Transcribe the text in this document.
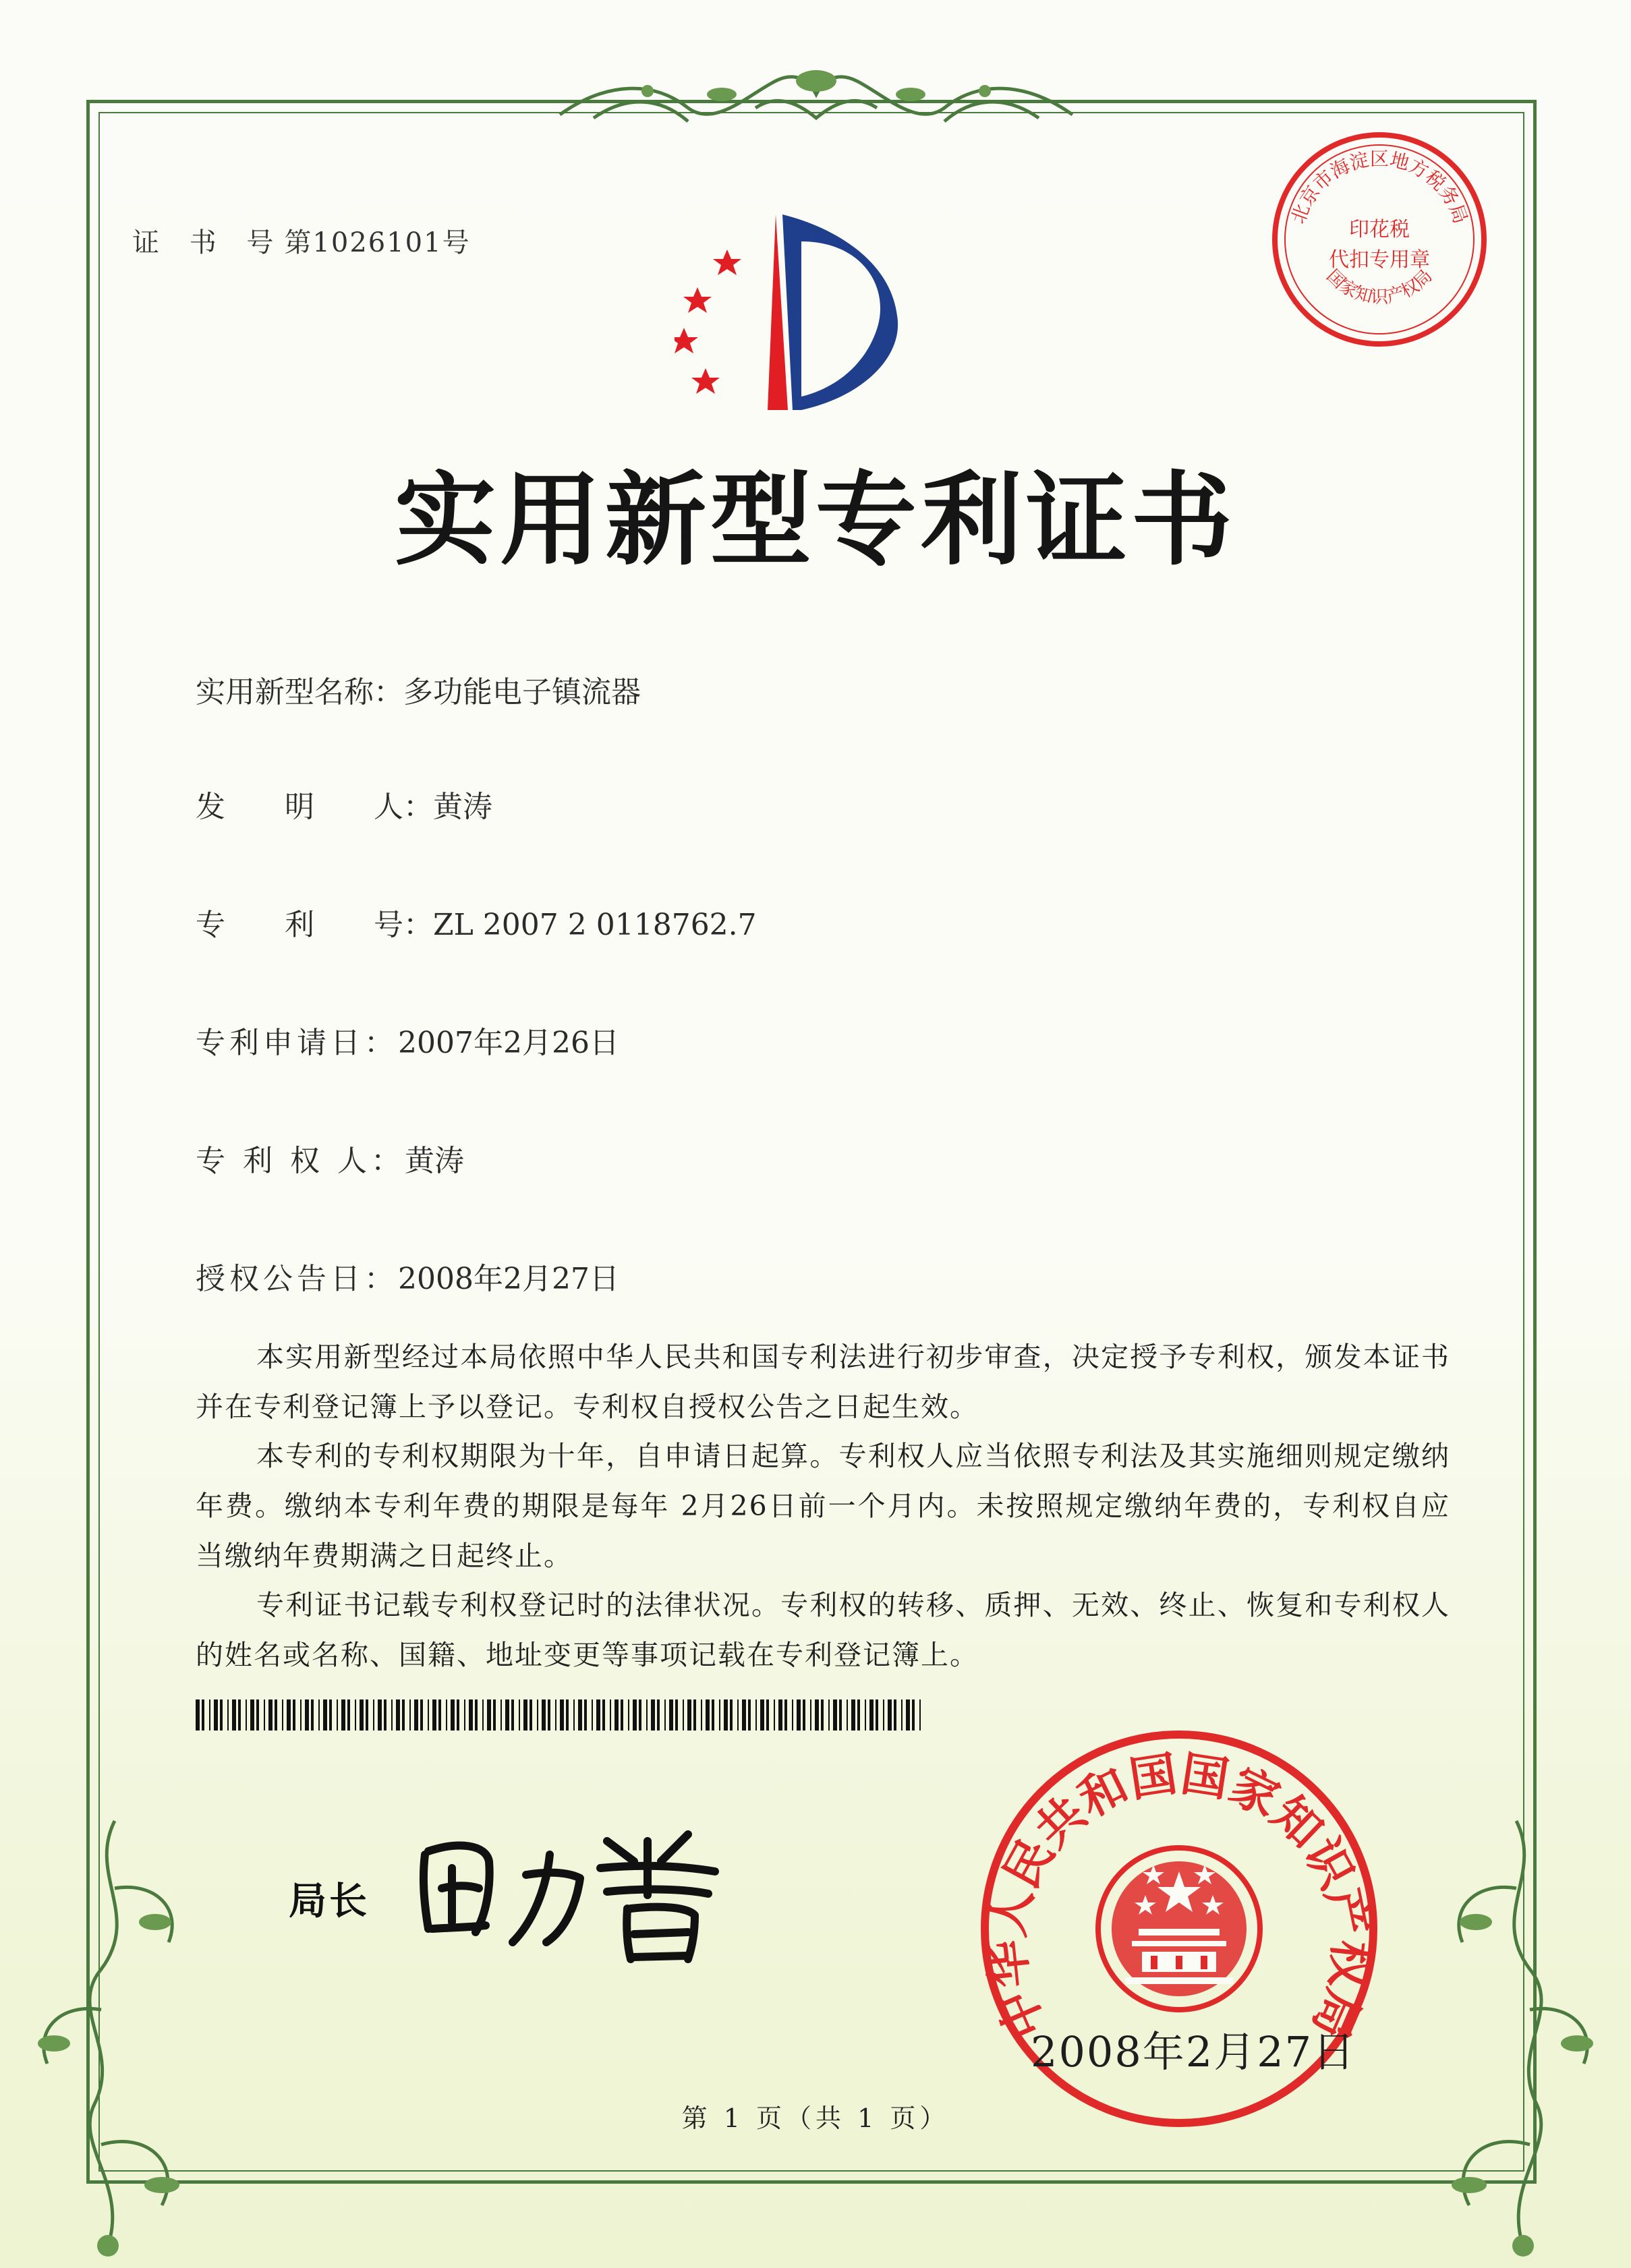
证 书 号第1026101号
北京市海淀区地方税务局
印花税
代扣专用章
国家知识产权局
实用新型专利证书
实用新型名称：多功能电子镇流器
发　　明　　人：黄涛
专　　利　　号：ZL 2007 2 0118762.7
专利申请日：2007年2月26日
专 利 权 人：黄涛
授权公告日：2008年2月27日
本实用新型经过本局依照中华人民共和国专利法进行初步审查，决定授予专利权，颁发本证书并在专利登记簿上予以登记。专利权自授权公告之日起生效。
本专利的专利权期限为十年，自申请日起算。专利权人应当依照专利法及其实施细则规定缴纳年费。缴纳本专利年费的期限是每年 2月26日前一个月内。未按照规定缴纳年费的，专利权自应当缴纳年费期满之日起终止。
专利证书记载专利权登记时的法律状况。专利权的转移、质押、无效、终止、恢复和专利权人的姓名或名称、国籍、地址变更等事项记载在专利登记簿上。
局长
中华人民共和国国家知识产权局
2008年2月27日
第 1 页（共 1 页）
